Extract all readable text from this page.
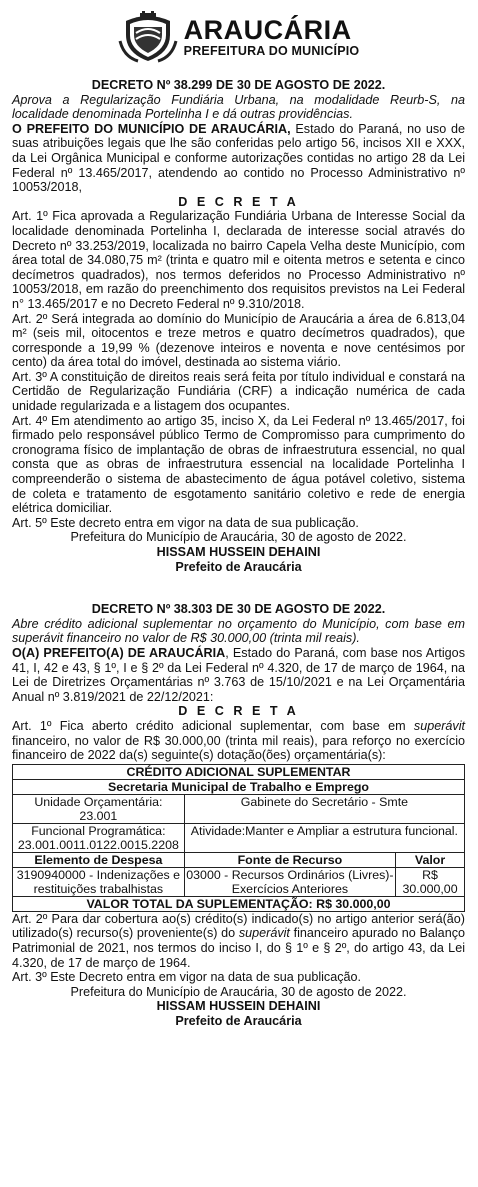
ARAUCÁRIA
PREFEITURA DO MUNICÍPIO
DECRETO Nº 38.299 DE 30 DE AGOSTO DE 2022.
Aprova a Regularização Fundiária Urbana, na modalidade Reurb-S, na localidade denominada Portelinha I e dá outras providências.

O PREFEITO DO MUNICÍPIO DE ARAUCÁRIA, Estado do Paraná, no uso de suas atribuições legais que lhe são conferidas pelo artigo 56, incisos XII e XXX, da Lei Orgânica Municipal e conforme autorizações contidas no artigo 28 da Lei Federal nº 13.465/2017, atendendo ao contido no Processo Administrativo nº 10053/2018,

D E C R E T A

Art. 1º Fica aprovada a Regularização Fundiária Urbana de Interesse Social da localidade denominada Portelinha I, declarada de interesse social através do Decreto nº 33.253/2019, localizada no bairro Capela Velha deste Município, com área total de 34.080,75 m² (trinta e quatro mil e oitenta metros e setenta e cinco decímetros quadrados), nos termos deferidos no Processo Administrativo nº 10053/2018, em razão do preenchimento dos requisitos previstos na Lei Federal n° 13.465/2017 e no Decreto Federal nº 9.310/2018.

Art. 2º Será integrada ao domínio do Município de Araucária a área de 6.813,04 m² (seis mil, oitocentos e treze metros e quatro decímetros quadrados), que corresponde a 19,99 % (dezenove inteiros e noventa e nove centésimos por cento) da área total do imóvel, destinada ao sistema viário.

Art. 3º A constituição de direitos reais será feita por título individual e constará na Certidão de Regularização Fundiária (CRF) a indicação numérica de cada unidade regularizada e a listagem dos ocupantes.

Art. 4º Em atendimento ao artigo 35, inciso X, da Lei Federal nº 13.465/2017, foi firmado pelo responsável público Termo de Compromisso para cumprimento do cronograma físico de implantação de obras de infraestrutura essencial, no qual consta que as obras de infraestrutura essencial na localidade Portelinha I compreenderão o sistema de abastecimento de água potável coletivo, sistema de coleta e tratamento de esgotamento sanitário coletivo e rede de energia elétrica domiciliar.

Art. 5º Este decreto entra em vigor na data de sua publicação.

Prefeitura do Município de Araucária, 30 de agosto de 2022.
HISSAM HUSSEIN DEHAINI
Prefeito de Araucária
DECRETO Nº 38.303 DE 30 DE AGOSTO DE 2022.
Abre crédito adicional suplementar no orçamento do Município, com base em superávit financeiro no valor de R$ 30.000,00 (trinta mil reais).

O(A) PREFEITO(A) DE ARAUCÁRIA, Estado do Paraná, com base nos Artigos 41, I, 42 e 43, § 1º, I e § 2º da Lei Federal nº 4.320, de 17 de março de 1964, na Lei de Diretrizes Orçamentárias nº 3.763 de 15/10/2021 e na Lei Orçamentária Anual nº 3.819/2021 de 22/12/2021:

D E C R E T A

Art. 1º Fica aberto crédito adicional suplementar, com base em superávit financeiro, no valor de R$ 30.000,00 (trinta mil reais), para reforço no exercício financeiro de 2022 da(s) seguinte(s) dotação(ões) orçamentária(s):

CRÉDITO ADICIONAL SUPLEMENTAR		
Secretaria Municipal de Trabalho e Emprego		
Unidade Orçamentária: 23.001	Gabinete do Secretário - Smte	
Funcional Programática: 23.001.0011.0122.0015.2208	Atividade:Manter e Ampliar a estrutura funcional.	
Elemento de Despesa	Fonte de Recurso	Valor
3190940000 - Indenizações e restituições trabalhistas	03000 - Recursos Ordinários (Livres)- Exercícios Anteriores	R$ 30.000,00
VALOR TOTAL DA SUPLEMENTAÇÃO: R$ 30.000,00		

Art. 2º Para dar cobertura ao(s) crédito(s) indicado(s) no artigo anterior será(ão) utilizado(s) recurso(s) proveniente(s) do superávit financeiro apurado no Balanço Patrimonial de 2021, nos termos do inciso I, do § 1º e § 2º, do artigo 43, da Lei 4.320, de 17 de março de 1964.

Art. 3º Este Decreto entra em vigor na data de sua publicação.

Prefeitura do Município de Araucária, 30 de agosto de 2022.
HISSAM HUSSEIN DEHAINI
Prefeito de Araucária
